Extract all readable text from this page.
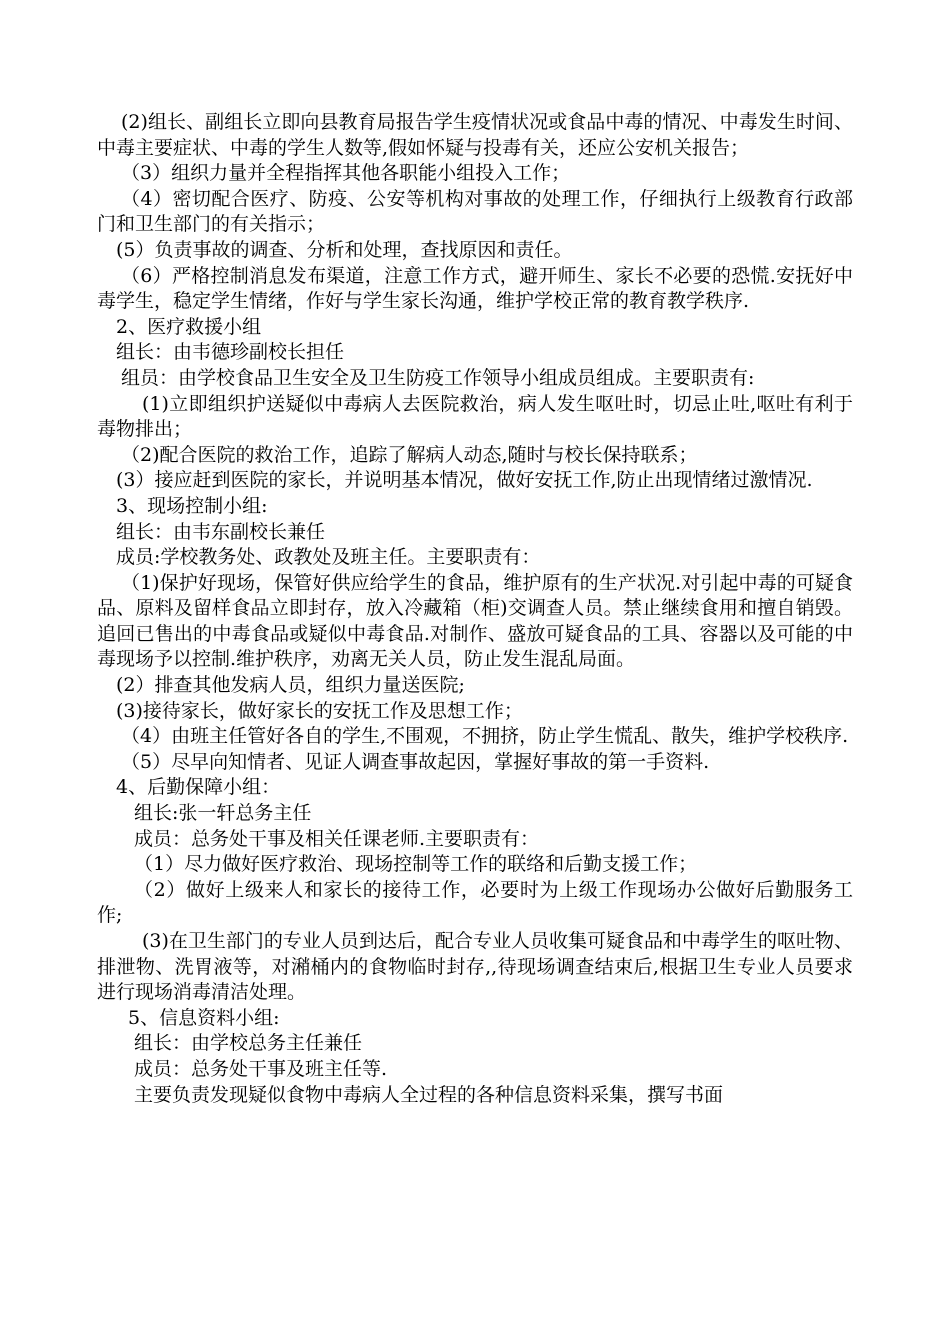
(2)组长、副组长立即向县教育局报告学生疫情状况或食品中毒的情况、中毒发生时间、中毒主要症状、中毒的学生人数等,假如怀疑与投毒有关，还应公安机关报告；

（3）组织力量并全程指挥其他各职能小组投入工作；

（4）密切配合医疗、防疫、公安等机构对事故的处理工作，仔细执行上级教育行政部门和卫生部门的有关指示；

(5）负责事故的调查、分析和处理，查找原因和责任。

（6）严格控制消息发布渠道，注意工作方式，避开师生、家长不必要的恐慌.安抚好中毒学生，稳定学生情绪，作好与学生家长沟通，维护学校正常的教育教学秩序.

2、医疗救援小组

组长：由韦德珍副校长担任

组员：由学校食品卫生安全及卫生防疫工作领导小组成员组成。主要职责有:

(1)立即组织护送疑似中毒病人去医院救治，病人发生呕吐时，切忌止吐,呕吐有利于毒物排出；

（2)配合医院的救治工作，追踪了解病人动态,随时与校长保持联系；

(3）接应赶到医院的家长，并说明基本情况，做好安抚工作,防止出现情绪过激情况.

3、现场控制小组:

组长：由韦东副校长兼任

成员:学校教务处、政教处及班主任。主要职责有：

（1)保护好现场，保管好供应给学生的食品，维护原有的生产状况.对引起中毒的可疑食品、原料及留样食品立即封存，放入冷藏箱（柜)交调查人员。禁止继续食用和擅自销毁。追回已售出的中毒食品或疑似中毒食品.对制作、盛放可疑食品的工具、容器以及可能的中毒现场予以控制.维护秩序，劝离无关人员，防止发生混乱局面。

(2）排查其他发病人员，组织力量送医院;

(3)接待家长，做好家长的安抚工作及思想工作；

（4）由班主任管好各自的学生,不围观，不拥挤，防止学生慌乱、散失，维护学校秩序.

（5）尽早向知情者、见证人调查事故起因，掌握好事故的第一手资料.

4、后勤保障小组：

组长:张一轩总务主任

成员：总务处干事及相关任课老师.主要职责有：

（1）尽力做好医疗救治、现场控制等工作的联络和后勤支援工作；

（2）做好上级来人和家长的接待工作，必要时为上级工作现场办公做好后勤服务工作;

(3)在卫生部门的专业人员到达后，配合专业人员收集可疑食品和中毒学生的呕吐物、排泄物、洗胃液等，对潲桶内的食物临时封存,,待现场调查结束后,根据卫生专业人员要求进行现场消毒清洁处理。

5、信息资料小组:

组长：由学校总务主任兼任

成员：总务处干事及班主任等.

主要负责发现疑似食物中毒病人全过程的各种信息资料采集，撰写书面
